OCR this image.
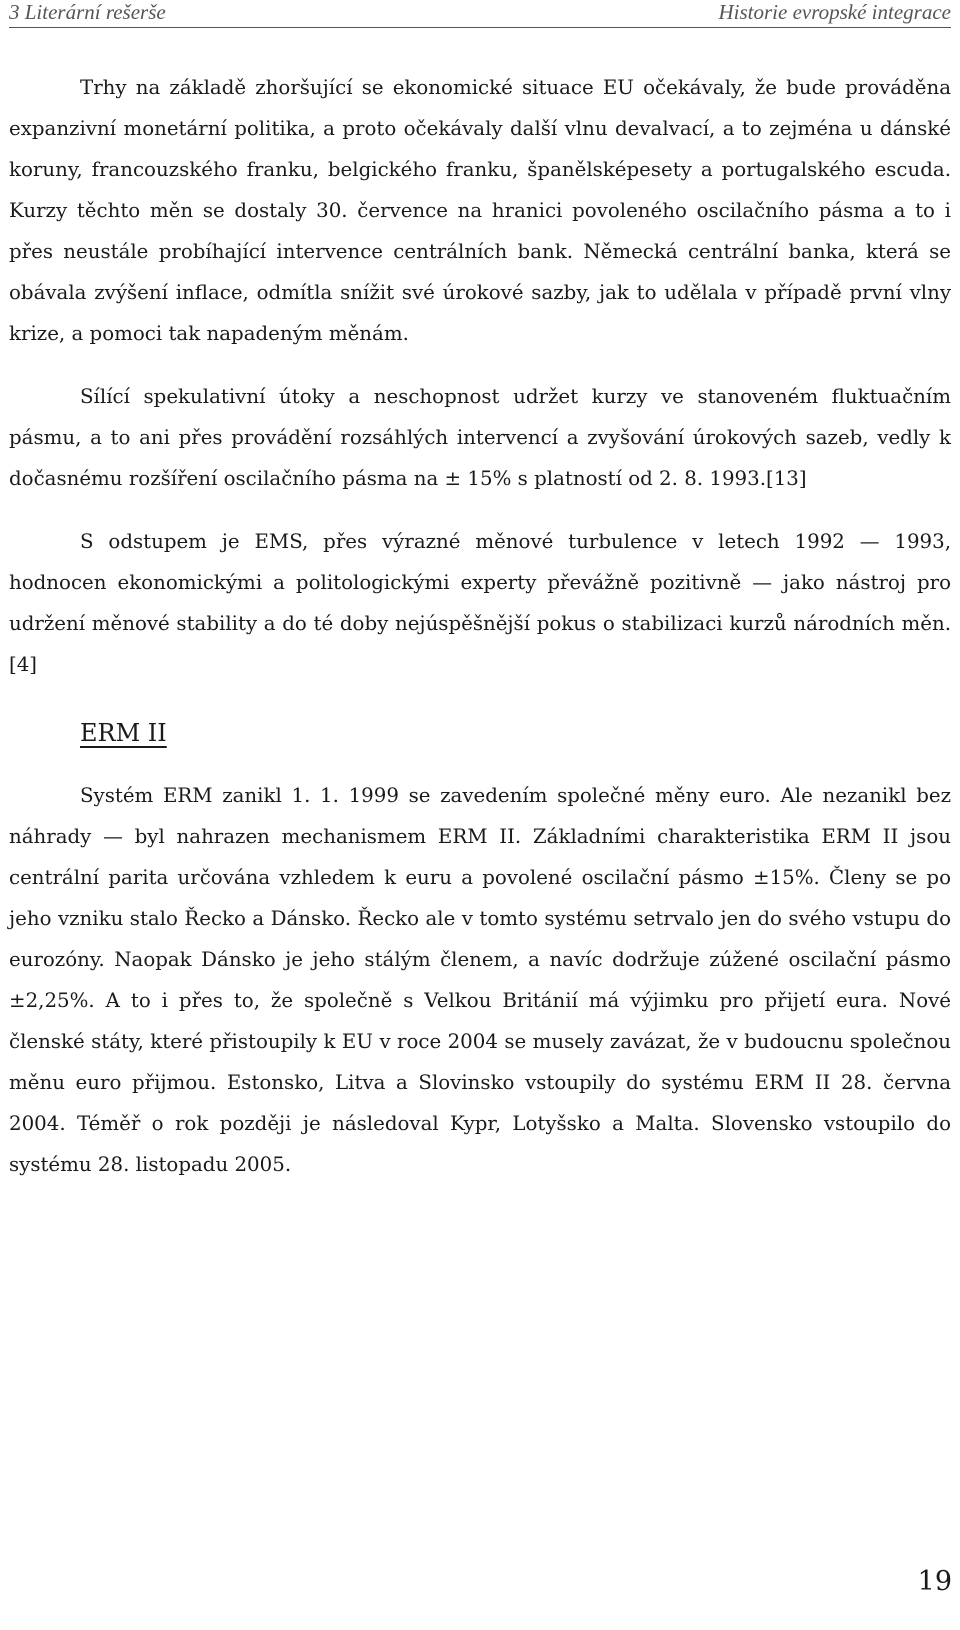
3 Literární rešerše	Historie evropské integrace

Trhy na základě zhoršující se ekonomické situace EU očekávaly, že bude prováděna expanzivní monetární politika, a proto očekávaly další vlnu devalvací, a to zejména u dánské koruny, francouzského franku, belgického franku, španělsképesety a portugalského escuda. Kurzy těchto měn se dostaly 30. července na hranici povoleného oscilačního pásma a to i přes neustále probíhající intervence centrálních bank. Německá centrální banka, která se obávala zvýšení inflace, odmítla snížit své úrokové sazby, jak to udělala v případě první vlny krize, a pomoci tak napadeným měnám.

Sílící spekulativní útoky a neschopnost udržet kurzy ve stanoveném fluktuačním pásmu, a to ani přes provádění rozsáhlých intervencí a zvyšování úrokových sazeb, vedly k dočasnému rozšíření oscilačního pásma na ± 15% s platností od 2. 8. 1993.[13]

S odstupem je EMS, přes výrazné měnové turbulence v letech 1992 — 1993, hodnocen ekonomickými a politologickými experty převážně pozitivně — jako nástroj pro udržení měnové stability a do té doby nejúspěšnější pokus o stabilizaci kurzů národních měn.[4]

ERM II

Systém ERM zanikl 1. 1. 1999 se zavedením společné měny euro. Ale nezanikl bez náhrady — byl nahrazen mechanismem ERM II. Základními charakteristika ERM II jsou centrální parita určována vzhledem k euru a povolené oscilační pásmo ±15%. Členy se po jeho vzniku stalo Řecko a Dánsko. Řecko ale v tomto systému setrvalo jen do svého vstupu do eurozóny. Naopak Dánsko je jeho stálým členem, a navíc dodržuje zúžené oscilační pásmo ±2,25%. A to i přes to, že společně s Velkou Británií má výjimku pro přijetí eura. Nové členské státy, které přistoupily k EU v roce 2004 se musely zavázat, že v budoucnu společnou měnu euro přijmou. Estonsko, Litva a Slovinsko vstoupily do systému ERM II 28. června 2004. Téměř o rok později je následoval Kypr, Lotyšsko a Malta. Slovensko vstoupilo do systému 28. listopadu 2005.

19
